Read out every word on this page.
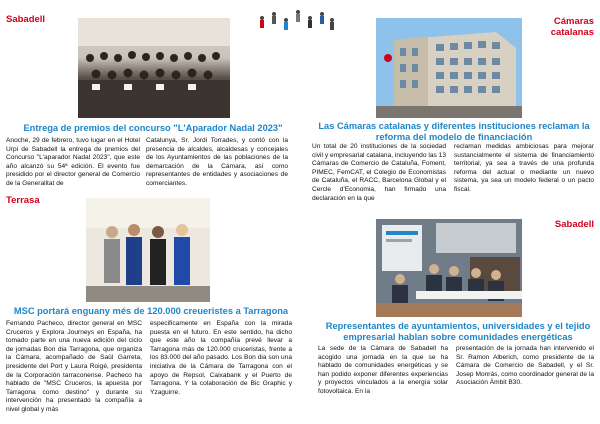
Sabadell
Entrega de premios del concurso "L'Aparador Nadal 2023"
Anoche, 29 de febrero, tuvo lugar en el Hotel Urpi de Sabadell la entrega de premios del Concurso "L'aparador Nadal 2023", que este año alcanzó su 54ª edición. El evento fue presidido por el director general de Comercio de la Generalitat de
Catalunya, Sr. Jordi Torrades, y contó con la presencia de alcaldes, alcaldesas y concejales de los Ayuntamientos de las poblaciones de la demarcación de la Cámara, así como representantes de entidades y asociaciones de comerciantes.
Cámaras catalanas
Las Cámaras catalanas y diferentes instituciones reclaman la reforma del modelo de financiación
Un total de 20 instituciones de la sociedad civil y empresarial catalana, incluyendo las 13 Cámaras de Comercio de Cataluña, Foment, PIMEC, FemCAT, el Colegio de Economistas de Cataluña, el RACC, Barcelona Global y el Cercle d'Economia, han firmado una declaración en la que
reclaman medidas ambiciosas para mejorar sustancialmente el sistema de financiamiento territorial, ya sea a través de una profunda reforma del actual o mediante un nuevo sistema, ya sea un modelo federal o un pacto fiscal.
Terrasa
MSC portará enguany més de 120.000 creueristes a Tarragona
Fernando Pacheco, director general en MSC Cruceros y Explora Journeys en España, ha tomado parte en una nueva edición del ciclo de jornadas Bon dia Tarragona, que organiza la Cámara, acompañado de Saül Garreta, presidente del Port y Laura Roigé, presidenta de la Corporación tarraconense. Pacheco ha hablado de "MSC Cruceros, la apuesta por Tarragona como destino" y durante su intervención ha presentado la compañía a nivel global y más
especificamente en España con la mirada puesta en el futuro. En este sentido, ha dicho que este año la compañía prevé llevar a Tarragona más de 120.000 cruceristas, frente a los 83.000 del año pasado. Los Bon dia son una iniciativa de la Cámara de Tarragona con el apoyo de Repsol, Caixabank y el Puerto de Tarragona. Y la colaboración de Bic Graphic y Yzaguirre.
Sabadell
Representantes de ayuntamientos, universidades y el tejido empresarial hablan sobre comunidades energéticas
La sede de la Cámara de Sabadell ha acogido una jornada en la que se ha hablado de comunidades energéticas y se han podido exponer diferentes experiencias y proyectos vinculados a la energía solar fotovoltaica. En la
presentación de la jornada han intervenido el Sr. Ramon Alberich, como presidente de la Cámara de Comercio de Sabadell, y el Sr. Josep Monrás, como coordinador general de la Asociación Àmbit B30.
